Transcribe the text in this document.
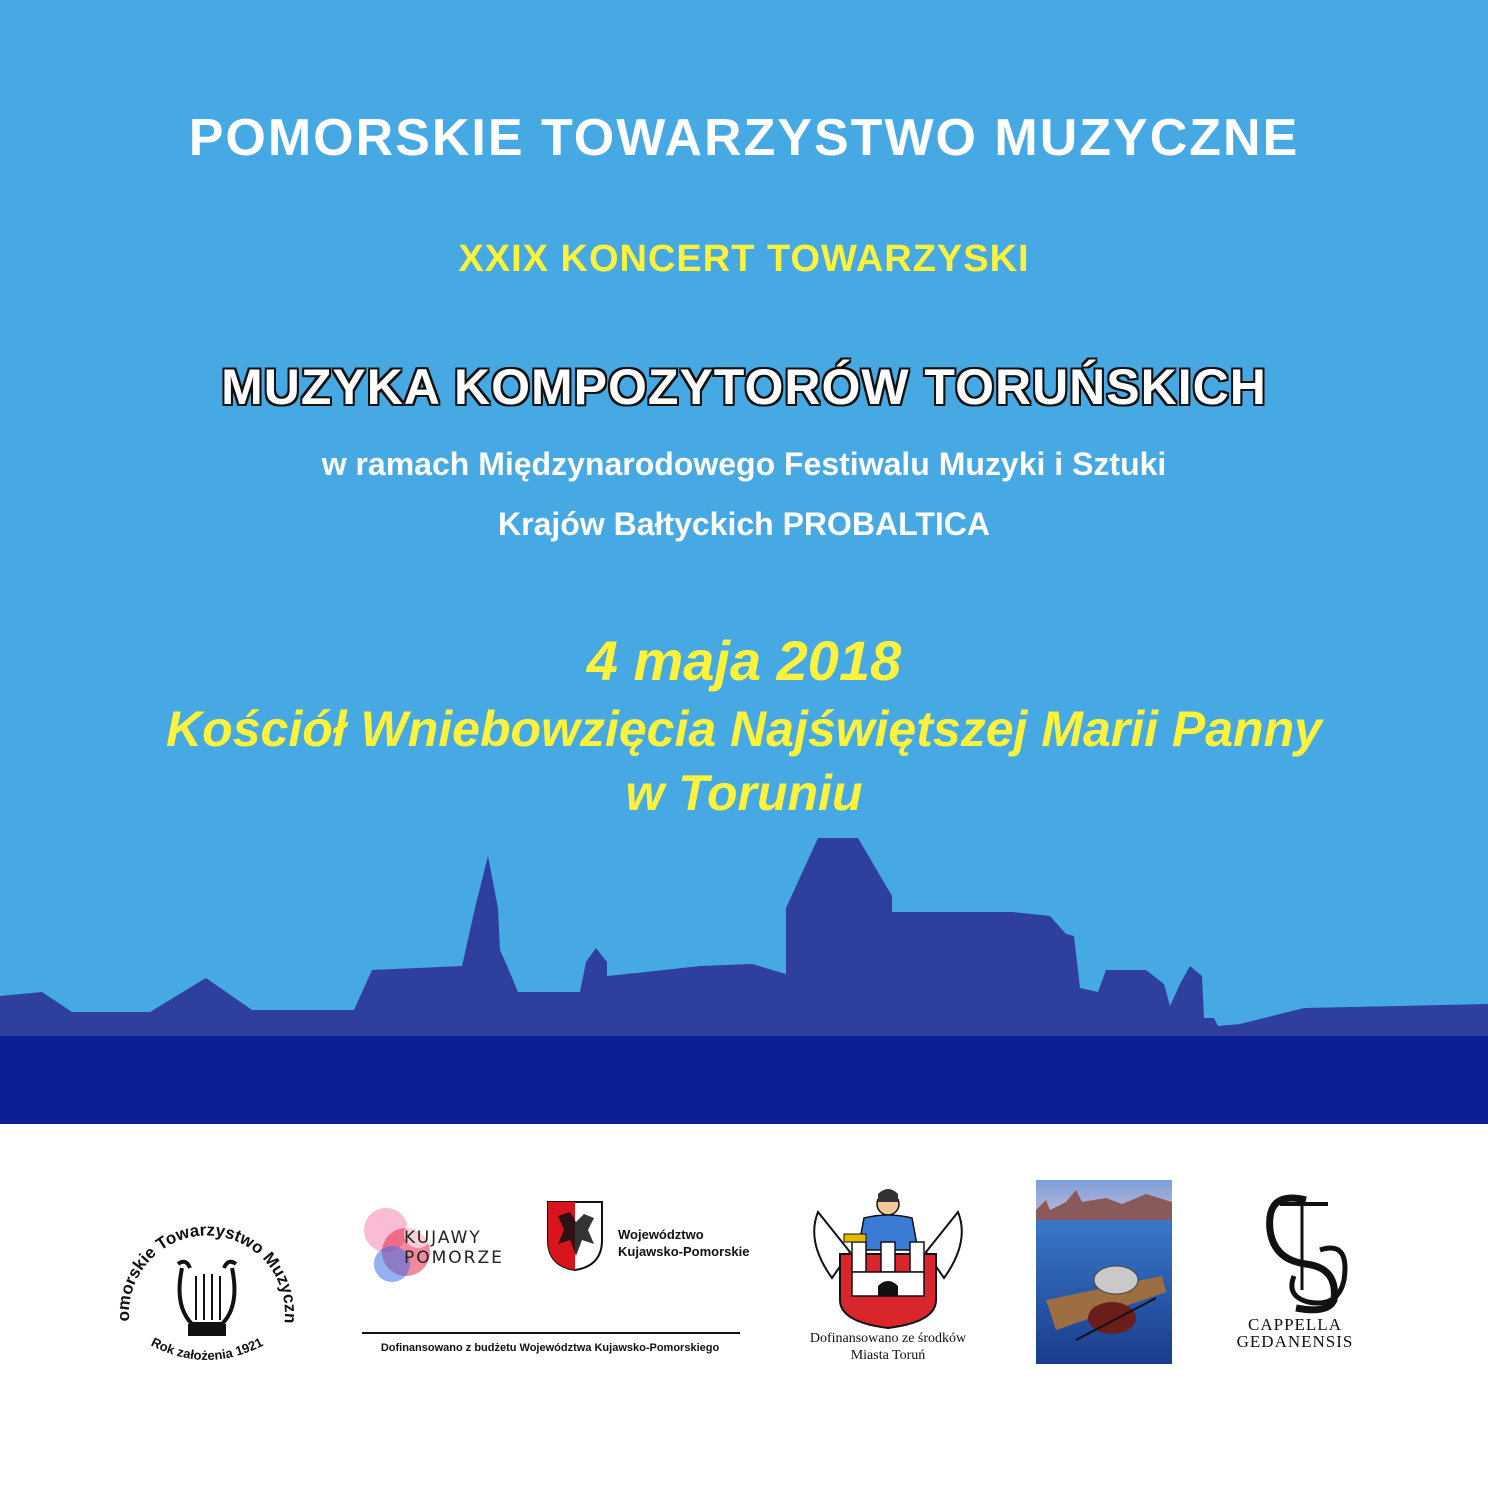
POMORSKIE TOWARZYSTWO MUZYCZNE
XXIX KONCERT TOWARZYSKI
MUZYKA KOMPOZYTORÓW TORUŃSKICH

w ramach Międzynarodowego Festiwalu Muzyki i Sztuki

Krajów Bałtyckich PROBALTICA

4 maja 2018

Kościół Wniebowzięcia Najświętszej Marii Panny

w Toruniu

omorskie Towarzystwo Muzyczn
Rok założenia 1921
KUJAWY
POMORZE
Województwo
Kujawsko-Pomorskie
Dofinansowano z budżetu Województwa Kujawsko-Pomorskiego
Dofinansowano ze środków
Miasta Toruń
CAPPELLA
GEDANENSIS
